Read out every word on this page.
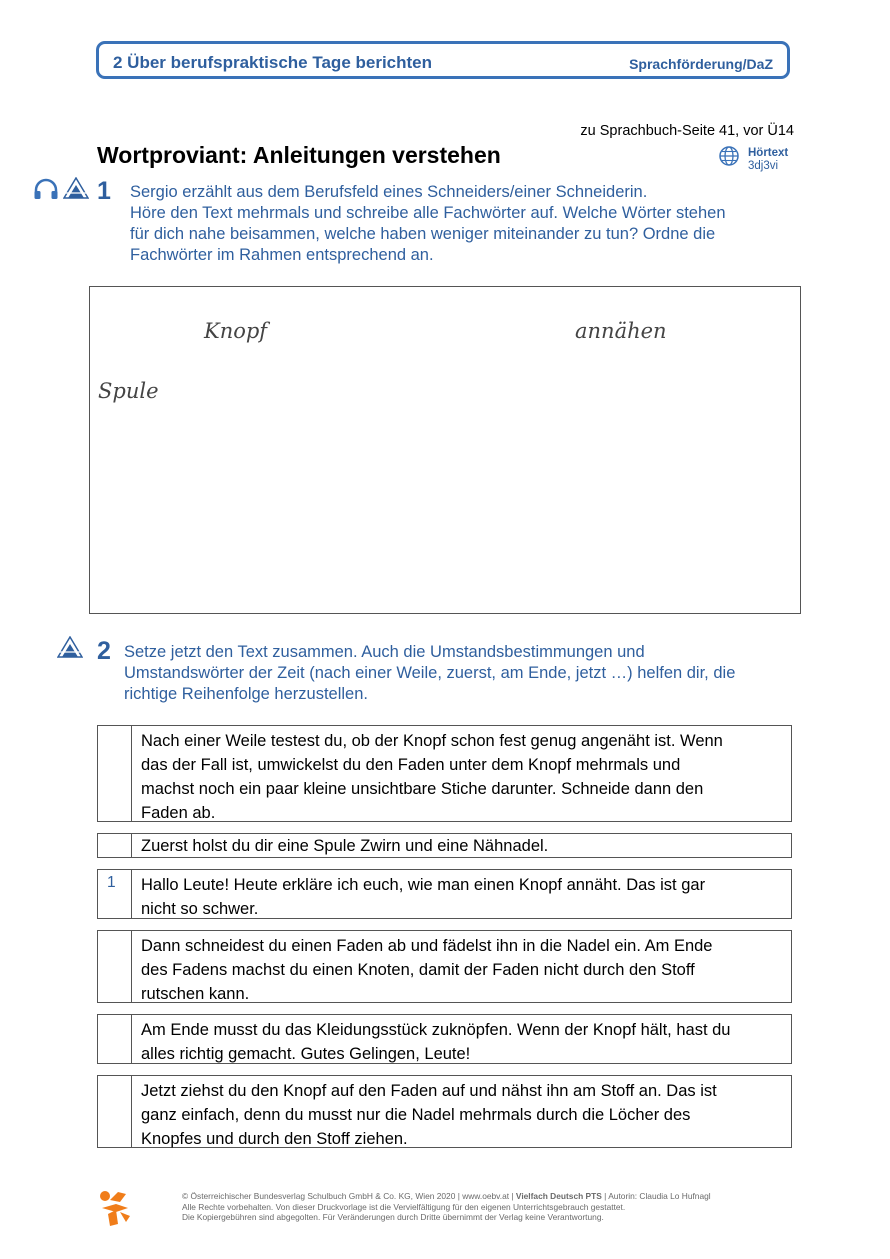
2 Über berufspraktische Tage berichten	Sprachförderung/DaZ
zu Sprachbuch-Seite 41, vor Ü14
Wortproviant: Anleitungen verstehen	Hörtext
3dj3vi
1 Sergio erzählt aus dem Berufsfeld eines Schneiders/einer Schneiderin.
Höre den Text mehrmals und schreibe alle Fachwörter auf. Welche Wörter stehen
für dich nahe beisammen, welche haben weniger miteinander zu tun? Ordne die
Fachwörter im Rahmen entsprechend an.
Knopf	annähen
Spule
2 Setze jetzt den Text zusammen. Auch die Umstandsbestimmungen und
Umstandswörter der Zeit (nach einer Weile, zuerst, am Ende, jetzt …) helfen dir, die
richtige Reihenfolge herzustellen.
Nach einer Weile testest du, ob der Knopf schon fest genug angenäht ist. Wenn
das der Fall ist, umwickelst du den Faden unter dem Knopf mehrmals und
machst noch ein paar kleine unsichtbare Stiche darunter. Schneide dann den
Faden ab.
Zuerst holst du dir eine Spule Zwirn und eine Nähnadel.
1	Hallo Leute! Heute erkläre ich euch, wie man einen Knopf annäht. Das ist gar
nicht so schwer.
Dann schneidest du einen Faden ab und fädelst ihn in die Nadel ein. Am Ende
des Fadens machst du einen Knoten, damit der Faden nicht durch den Stoff
rutschen kann.
Am Ende musst du das Kleidungsstück zuknöpfen. Wenn der Knopf hält, hast du
alles richtig gemacht. Gutes Gelingen, Leute!
Jetzt ziehst du den Knopf auf den Faden auf und nähst ihn am Stoff an. Das ist
ganz einfach, denn du musst nur die Nadel mehrmals durch die Löcher des
Knopfes und durch den Stoff ziehen.
© Österreichischer Bundesverlag Schulbuch GmbH & Co. KG, Wien 2020 | www.oebv.at | Vielfach Deutsch PTS | Autorin: Claudia Lo Hufnagl
Alle Rechte vorbehalten. Von dieser Druckvorlage ist die Vervielfältigung für den eigenen Unterrichtsgebrauch gestattet.
Die Kopiergebühren sind abgegolten. Für Veränderungen durch Dritte übernimmt der Verlag keine Verantwortung.
